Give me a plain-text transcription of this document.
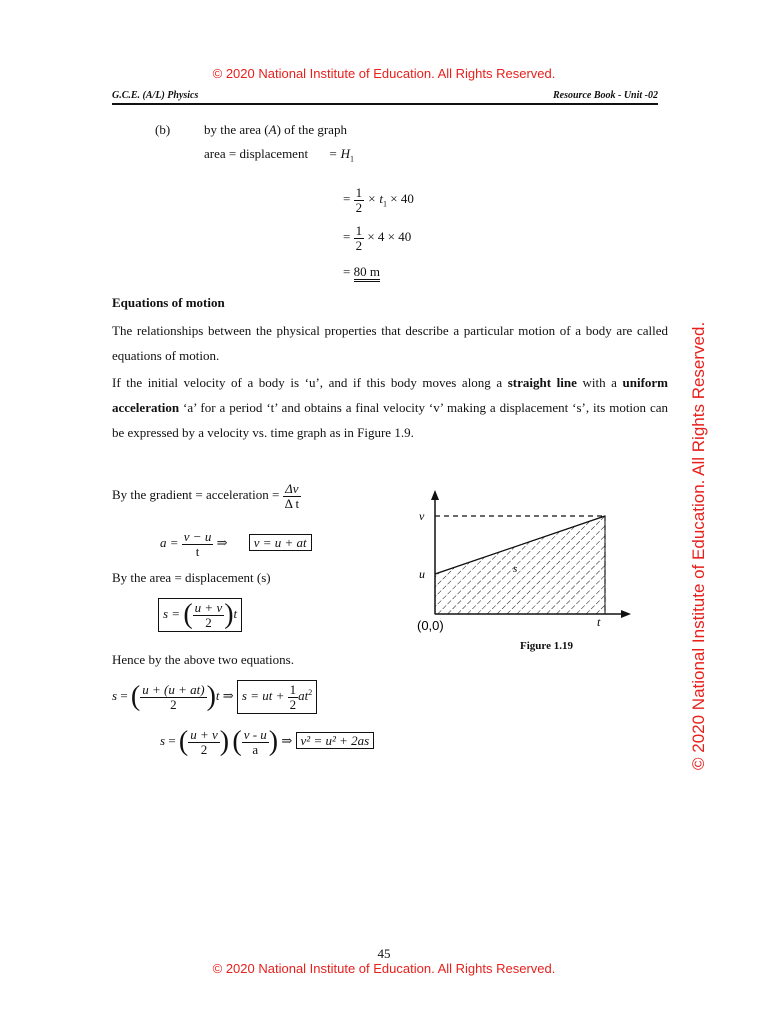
© 2020 National Institute of Education. All Rights Reserved.
G.C.E. (A/L) Physics	Resource Book - Unit -02
(b)	by the area (A) of the graph
area = displacement = $H_1$
= $\frac{1}{2} \times t_1 \times 40$
= $\frac{1}{2} \times 4 \times 40$
= 80 m
Equations of motion
The relationships between the physical properties that describe a particular motion of a body are called equations of motion.
If the initial velocity of a body is ‘u’, and if this body moves along a straight line with a uniform acceleration ‘a’ for a period ‘t’ and obtains a final velocity ‘v’ making a displacement ‘s’, its motion can be expressed by a velocity vs. time graph as in Figure 1.9.
By the gradient = acceleration = $\frac{\Delta v}{\text{Δ t}}$
$a = \frac{v - u}{t}$ ⇒ v = u + at
By the area = displacement (s)
s = ( $\frac{u + v}{2} )t$
Hence by the above two equations.
s = ( $\frac{u + (u + at)}{2} )t$ ⇒ s = ut + $\frac{1}{2} at^2$
s = ( $\frac{u + v}{2}$ ) ( $\frac{v - u}{a}$ ) ⇒ v² = u² + 2as
v
u	s
(0,0)	t
Figure 1.19	© 2020 National Institute of Education. All Rights Reserved.
45
© 2020 National Institute of Education. All Rights Reserved.
